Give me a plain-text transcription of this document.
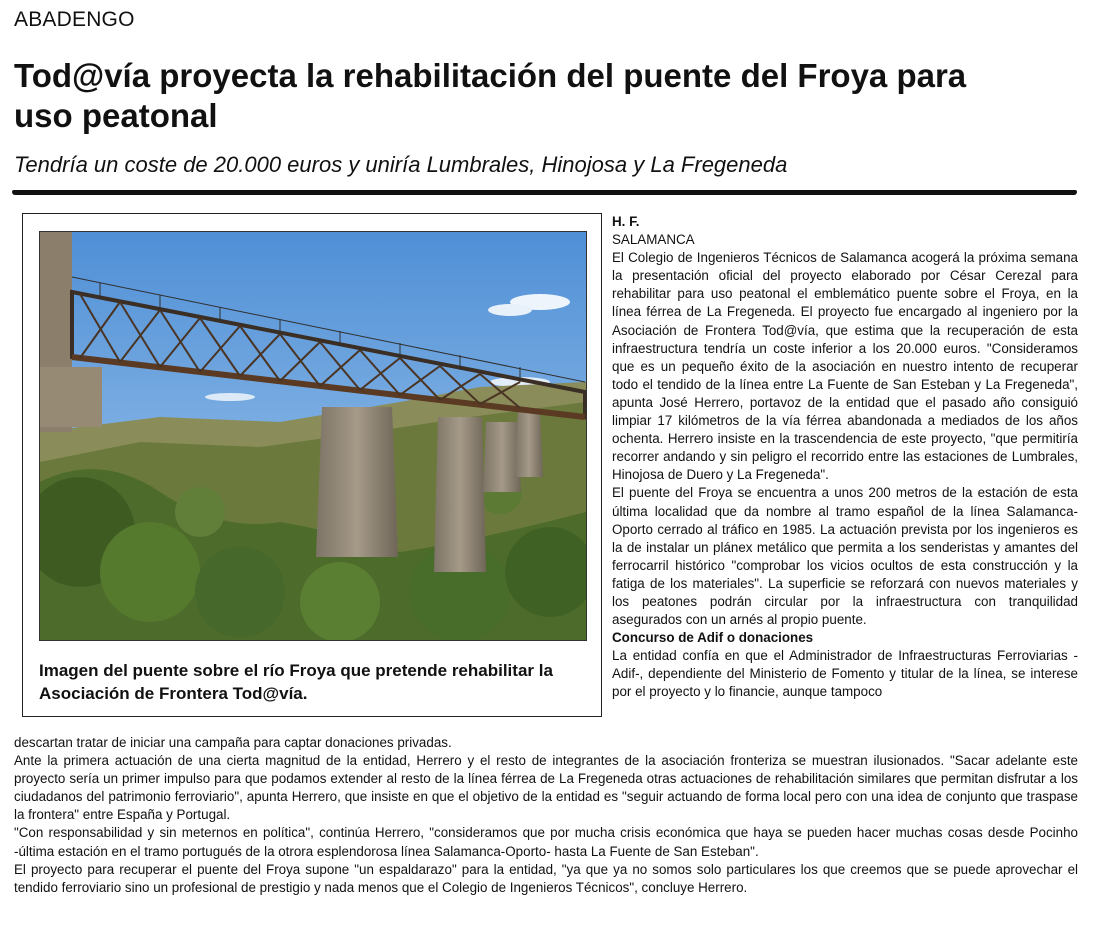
ABADENGO
Tod@vía proyecta la rehabilitación del puente del Froya para uso peatonal
Tendría un coste de 20.000 euros y uniría Lumbrales, Hinojosa y La Fregeneda
Imagen del puente sobre el río Froya que pretende rehabilitar la Asociación de Frontera Tod@vía.

H. F.

SALAMANCA

El Colegio de Ingenieros Técnicos de Salamanca acogerá la próxima semana la presentación oficial del proyecto elaborado por César Cerezal para rehabilitar para uso peatonal el emblemático puente sobre el Froya, en la línea férrea de La Fregeneda. El proyecto fue encargado al ingeniero por la Asociación de Frontera Tod@vía, que estima que la recuperación de esta infraestructura tendría un coste inferior a los 20.000 euros. "Consideramos que es un pequeño éxito de la asociación en nuestro intento de recuperar todo el tendido de la línea entre La Fuente de San Esteban y La Fregeneda", apunta José Herrero, portavoz de la entidad que el pasado año consiguió limpiar 17 kilómetros de la vía férrea abandonada a mediados de los años ochenta. Herrero insiste en la trascendencia de este proyecto, "que permitiría recorrer andando y sin peligro el recorrido entre las estaciones de Lumbrales, Hinojosa de Duero y La Fregeneda".

El puente del Froya se encuentra a unos 200 metros de la estación de esta última localidad que da nombre al tramo español de la línea Salamanca-Oporto cerrado al tráfico en 1985. La actuación prevista por los ingenieros es la de instalar un plánex metálico que permita a los senderistas y amantes del ferrocarril histórico "comprobar los vicios ocultos de esta construcción y la fatiga de los materiales". La superficie se reforzará con nuevos materiales y los peatones podrán circular por la infraestructura con tranquilidad asegurados con un arnés al propio puente.

Concurso de Adif o donaciones

La entidad confía en que el Administrador de Infraestructuras Ferroviarias -Adif-, dependiente del Ministerio de Fomento y titular de la línea, se interese por el proyecto y lo financie, aunque tampoco

descartan tratar de iniciar una campaña para captar donaciones privadas.

Ante la primera actuación de una cierta magnitud de la entidad, Herrero y el resto de integrantes de la asociación fronteriza se muestran ilusionados. "Sacar adelante este proyecto sería un primer impulso para que podamos extender al resto de la línea férrea de La Fregeneda otras actuaciones de rehabilitación similares que permitan disfrutar a los ciudadanos del patrimonio ferroviario", apunta Herrero, que insiste en que el objetivo de la entidad es "seguir actuando de forma local pero con una idea de conjunto que traspase la frontera" entre España y Portugal.

"Con responsabilidad y sin meternos en política", continúa Herrero, "consideramos que por mucha crisis económica que haya se pueden hacer muchas cosas desde Pocinho -última estación en el tramo portugués de la otrora esplendorosa línea Salamanca-Oporto- hasta La Fuente de San Esteban".

El proyecto para recuperar el puente del Froya supone "un espaldarazo" para la entidad, "ya que ya no somos solo particulares los que creemos que se puede aprovechar el tendido ferroviario sino un profesional de prestigio y nada menos que el Colegio de Ingenieros Técnicos", concluye Herrero.
